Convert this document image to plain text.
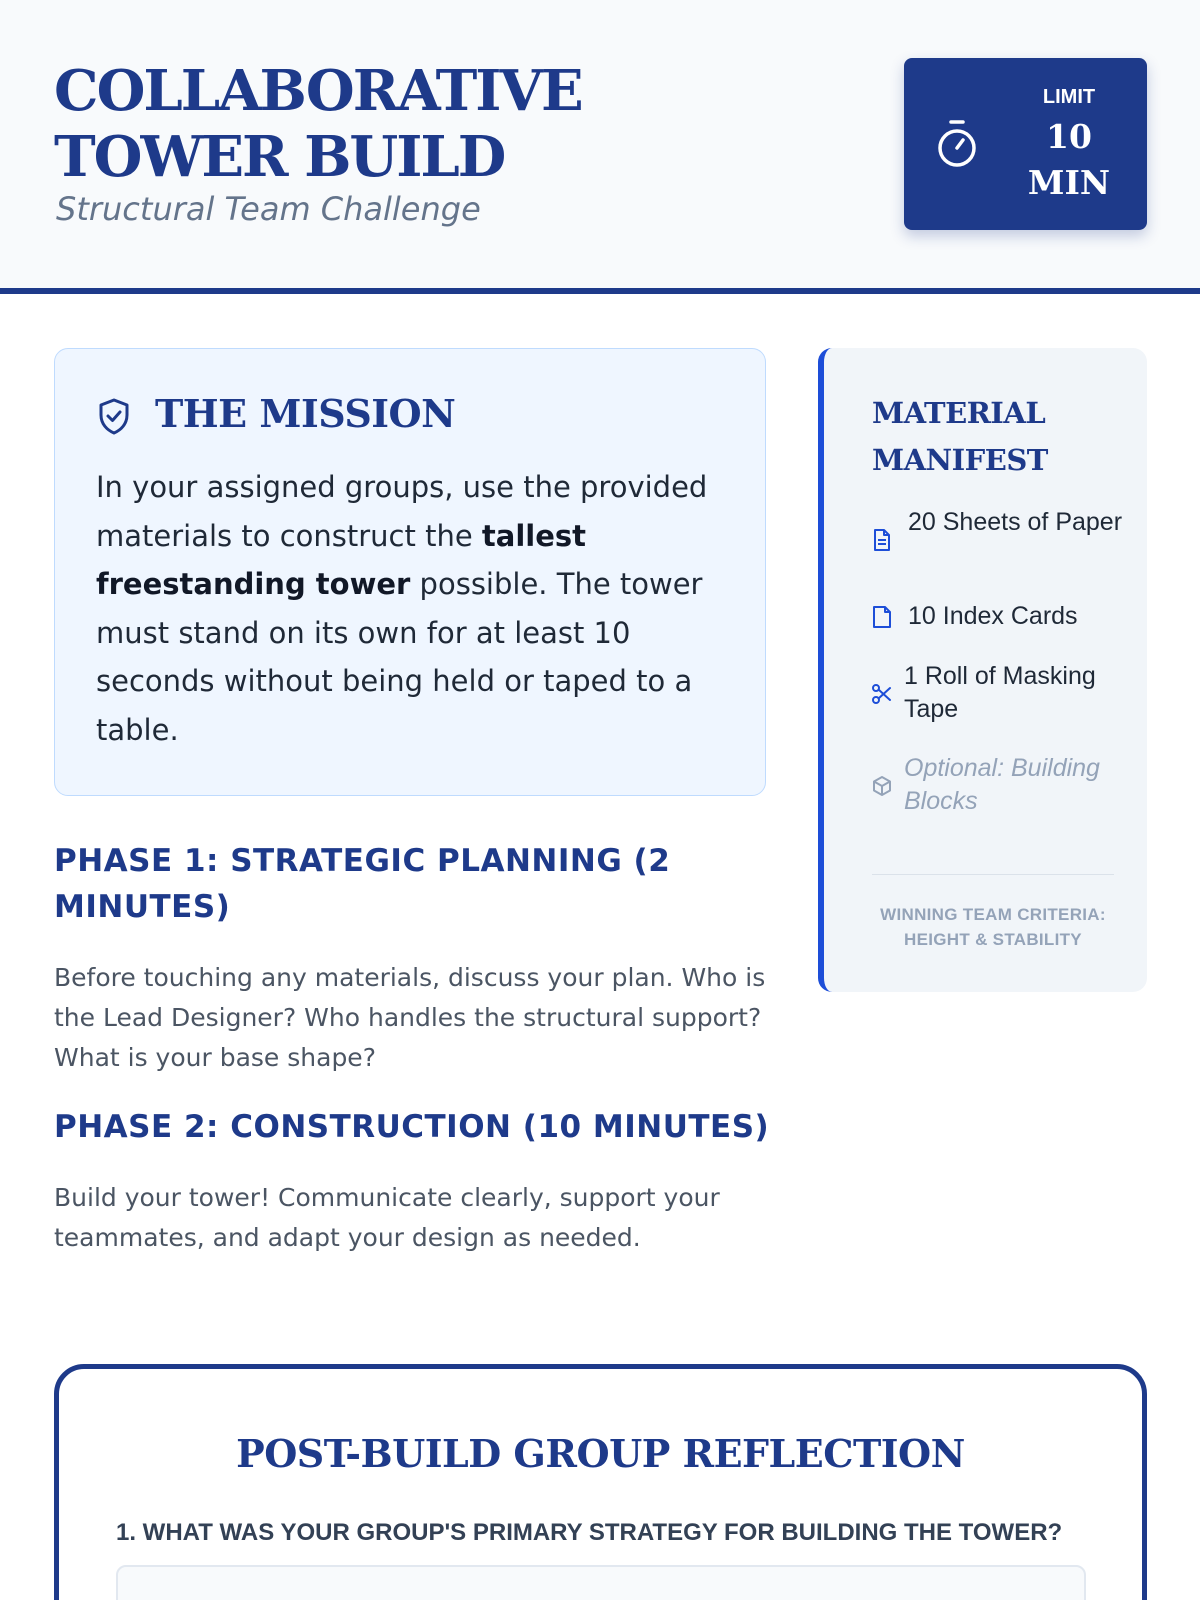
COLLABORATIVE TOWER BUILD
Structural Team Challenge
LIMIT
10 MIN
THE MISSION

In your assigned groups, use the provided materials to construct the tallest freestanding tower possible. The tower must stand on its own for at least 10 seconds without being held or taped to a table.

PHASE 1: STRATEGIC PLANNING (2 MINUTES)

Before touching any materials, discuss your plan. Who is the Lead Designer? Who handles the structural support? What is your base shape?

PHASE 2: CONSTRUCTION (10 MINUTES)

Build your tower! Communicate clearly, support your teammates, and adapt your design as needed.

MATERIAL MANIFEST
20 Sheets of Paper
10 Index Cards
1 Roll of Masking Tape
Optional: Building Blocks
WINNING TEAM CRITERIA: HEIGHT & STABILITY
POST-BUILD GROUP REFLECTION
1. WHAT WAS YOUR GROUP'S PRIMARY STRATEGY FOR BUILDING THE TOWER?
